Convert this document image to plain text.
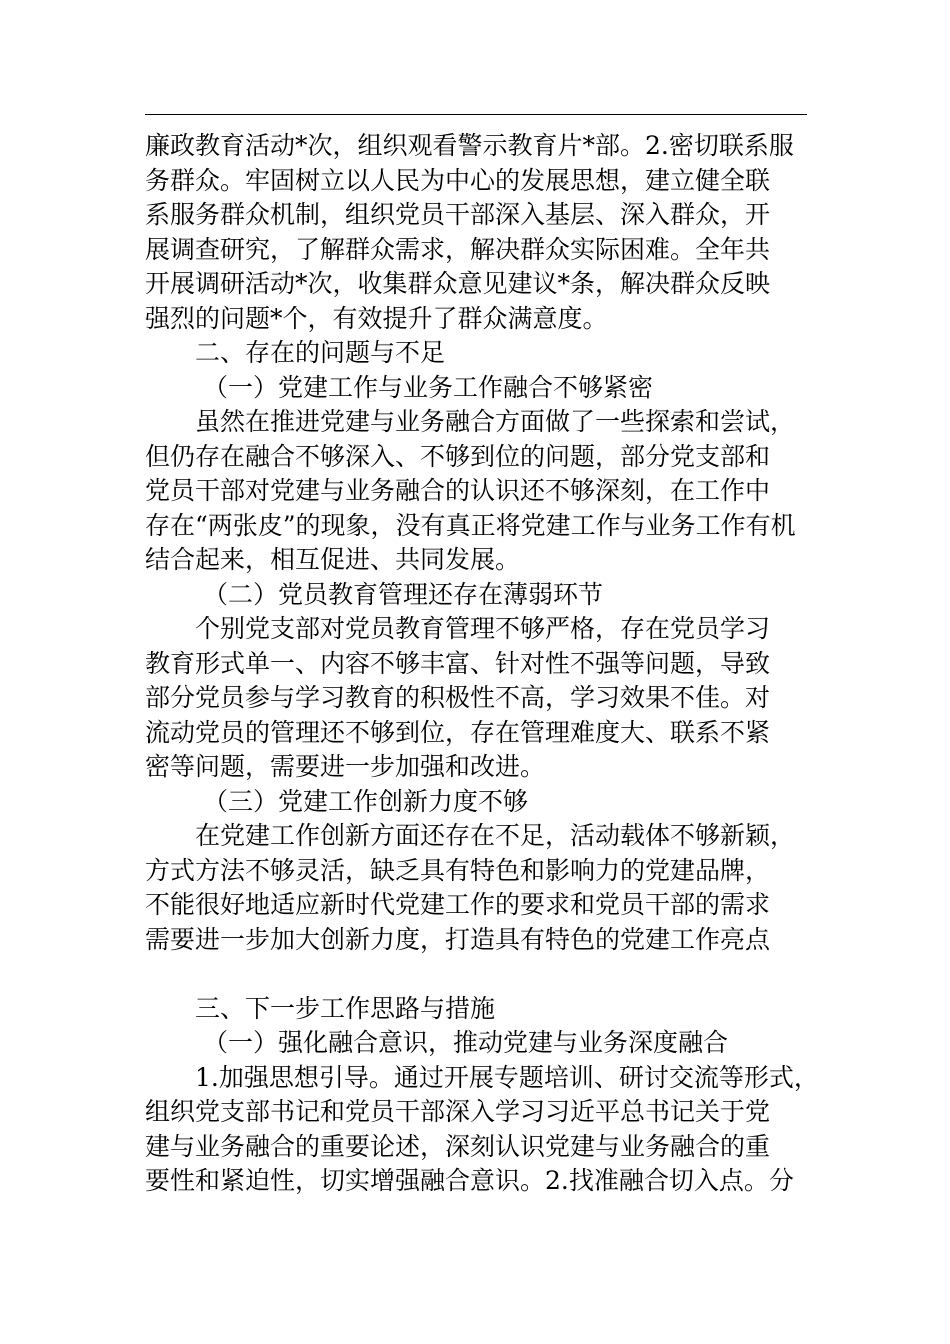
廉政教育活动*次，组织观看警示教育片*部。2.密切联系服
务群众。牢固树立以人民为中心的发展思想，建立健全联
系服务群众机制，组织党员干部深入基层、深入群众，开
展调查研究，了解群众需求，解决群众实际困难。全年共
开展调研活动*次，收集群众意见建议*条，解决群众反映
强烈的问题*个，有效提升了群众满意度。
二、存在的问题与不足
（一）党建工作与业务工作融合不够紧密
虽然在推进党建与业务融合方面做了一些探索和尝试，
但仍存在融合不够深入、不够到位的问题，部分党支部和
党员干部对党建与业务融合的认识还不够深刻，在工作中
存在“两张皮”的现象，没有真正将党建工作与业务工作有机
结合起来，相互促进、共同发展。
（二）党员教育管理还存在薄弱环节
个别党支部对党员教育管理不够严格，存在党员学习
教育形式单一、内容不够丰富、针对性不强等问题，导致
部分党员参与学习教育的积极性不高，学习效果不佳。对
流动党员的管理还不够到位，存在管理难度大、联系不紧
密等问题，需要进一步加强和改进。
（三）党建工作创新力度不够
在党建工作创新方面还存在不足，活动载体不够新颖，
方式方法不够灵活，缺乏具有特色和影响力的党建品牌，
不能很好地适应新时代党建工作的要求和党员干部的需求
需要进一步加大创新力度，打造具有特色的党建工作亮点
三、下一步工作思路与措施
（一）强化融合意识，推动党建与业务深度融合
1.加强思想引导。通过开展专题培训、研讨交流等形式，
组织党支部书记和党员干部深入学习习近平总书记关于党
建与业务融合的重要论述，深刻认识党建与业务融合的重
要性和紧迫性，切实增强融合意识。2.找准融合切入点。分
